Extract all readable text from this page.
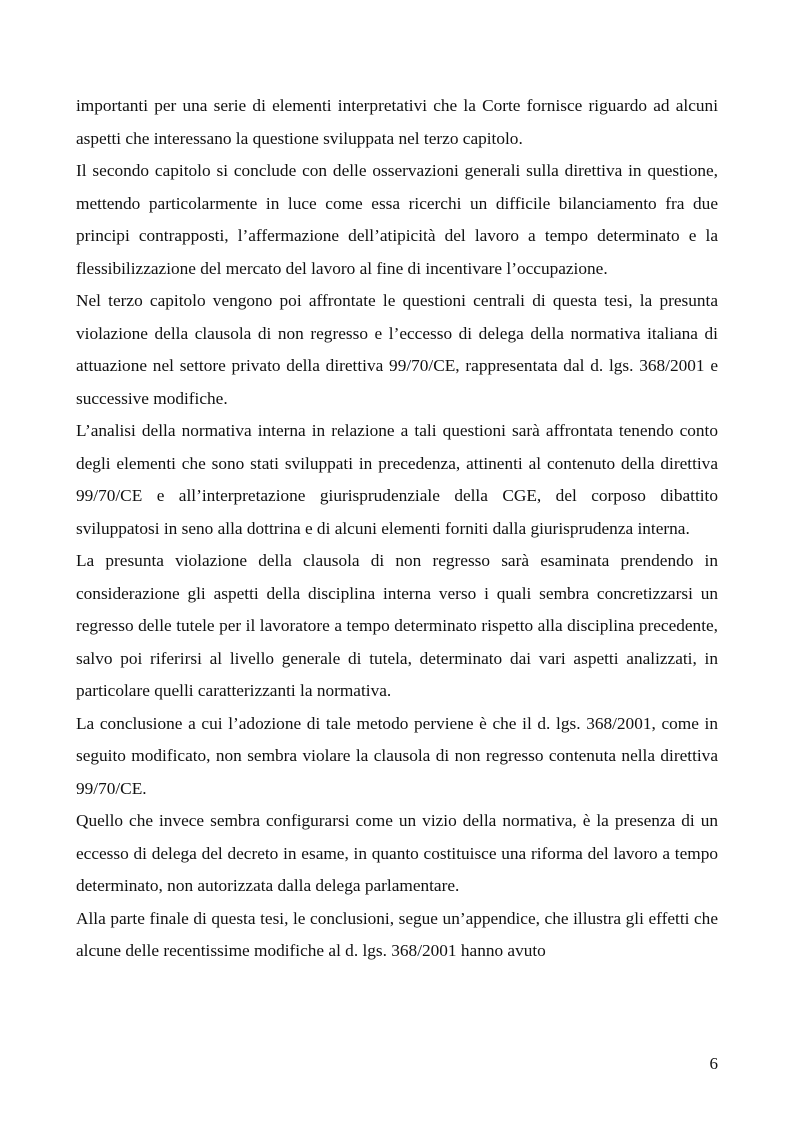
importanti per una serie di elementi interpretativi che la Corte fornisce riguardo ad alcuni aspetti che interessano la questione sviluppata nel terzo capitolo.

Il secondo capitolo si conclude con delle osservazioni generali sulla direttiva in questione, mettendo particolarmente in luce come essa ricerchi un difficile bilanciamento fra due principi contrapposti, l’affermazione dell’atipicità del lavoro a tempo determinato e la flessibilizzazione del mercato del lavoro al fine di incentivare l’occupazione.

Nel terzo capitolo vengono poi affrontate le questioni centrali di questa tesi, la presunta violazione della clausola di non regresso e l’eccesso di delega della normativa italiana di attuazione nel settore privato della direttiva 99/70/CE, rappresentata dal d. lgs. 368/2001 e successive modifiche.

L’analisi della normativa interna in relazione a tali questioni sarà affrontata tenendo conto degli elementi che sono stati sviluppati in precedenza, attinenti al contenuto della direttiva 99/70/CE e all’interpretazione giurisprudenziale della CGE, del corposo dibattito sviluppatosi in seno alla dottrina e di alcuni elementi forniti dalla giurisprudenza interna.

La presunta violazione della clausola di non regresso sarà esaminata prendendo in considerazione gli aspetti della disciplina interna verso i quali sembra concretizzarsi un regresso delle tutele per il lavoratore a tempo determinato rispetto alla disciplina precedente, salvo poi riferirsi al livello generale di tutela, determinato dai vari aspetti analizzati, in particolare quelli caratterizzanti la normativa.

La conclusione a cui l’adozione di tale metodo perviene è che il d. lgs. 368/2001, come in seguito modificato, non sembra violare la clausola di non regresso contenuta nella direttiva 99/70/CE.

Quello che invece sembra configurarsi come un vizio della normativa, è la presenza di un eccesso di delega del decreto in esame, in quanto costituisce una riforma del lavoro a tempo determinato, non autorizzata dalla delega parlamentare.

Alla parte finale di questa tesi, le conclusioni, segue un’appendice, che illustra gli effetti che alcune delle recentissime modifiche al d. lgs. 368/2001 hanno avuto

6
